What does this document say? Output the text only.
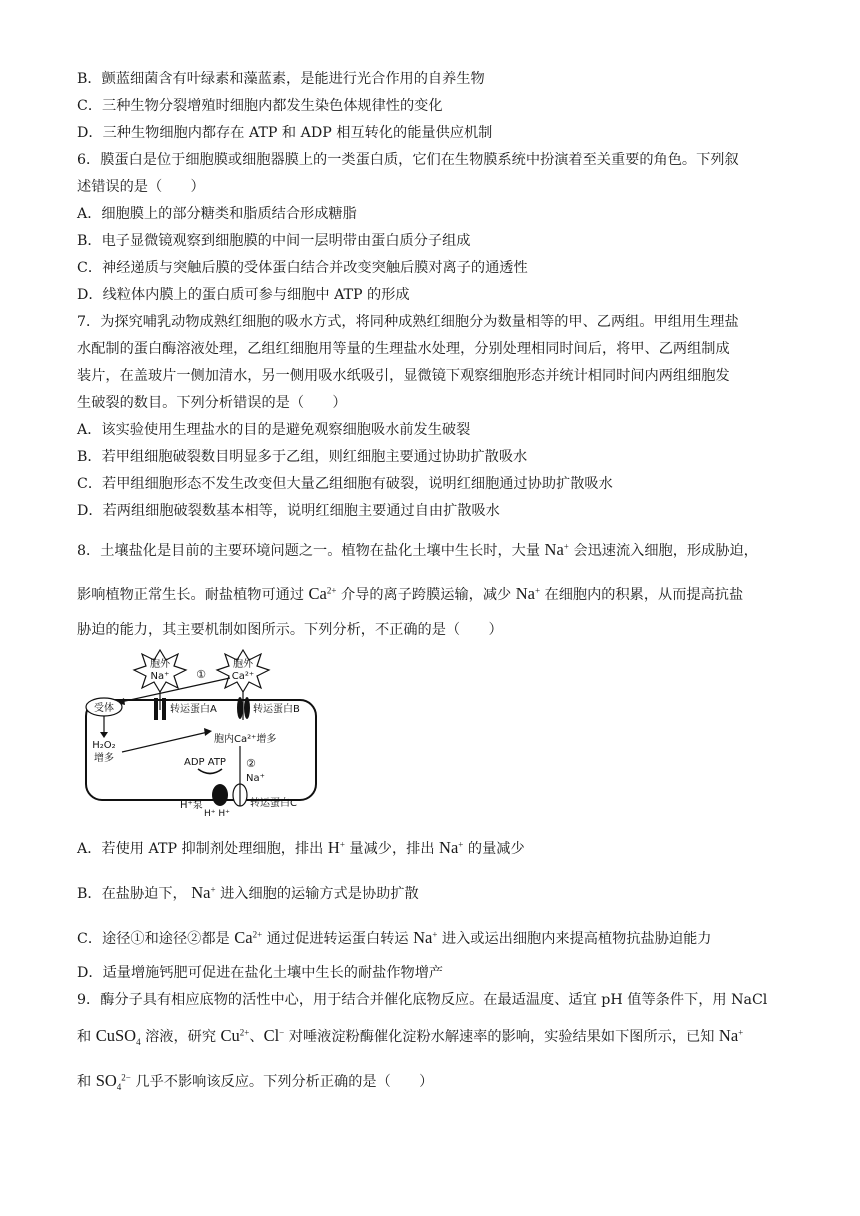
B．颤蓝细菌含有叶绿素和藻蓝素，是能进行光合作用的自养生物
C．三种生物分裂增殖时细胞内都发生染色体规律性的变化
D．三种生物细胞内都存在 ATP 和 ADP 相互转化的能量供应机制
6．膜蛋白是位于细胞膜或细胞器膜上的一类蛋白质，它们在生物膜系统中扮演着至关重要的角色。下列叙
述错误的是（　　）
A．细胞膜上的部分糖类和脂质结合形成糖脂
B．电子显微镜观察到细胞膜的中间一层明带由蛋白质分子组成
C．神经递质与突触后膜的受体蛋白结合并改变突触后膜对离子的通透性
D．线粒体内膜上的蛋白质可参与细胞中 ATP 的形成
7．为探究哺乳动物成熟红细胞的吸水方式，将同种成熟红细胞分为数量相等的甲、乙两组。甲组用生理盐
水配制的蛋白酶溶液处理，乙组红细胞用等量的生理盐水处理，分别处理相同时间后，将甲、乙两组制成
装片，在盖玻片一侧加清水，另一侧用吸水纸吸引，显微镜下观察细胞形态并统计相同时间内两组细胞发
生破裂的数目。下列分析错误的是（　　）
A．该实验使用生理盐水的目的是避免观察细胞吸水前发生破裂
B．若甲组细胞破裂数目明显多于乙组，则红细胞主要通过协助扩散吸水
C．若甲组细胞形态不发生改变但大量乙组细胞有破裂，说明红细胞通过协助扩散吸水
D．若两组细胞破裂数基本相等，说明红细胞主要通过自由扩散吸水
8．土壤盐化是目前的主要环境问题之一。植物在盐化土壤中生长时，大量 Na+ 会迅速流入细胞，形成胁迫，
影响植物正常生长。耐盐植物可通过 $Ca^{2+}$ 介导的离子跨膜运输，减少 Na+ 在细胞内的积累，从而提高抗盐
胁迫的能力，其主要机制如图所示。下列分析，不正确的是（　　）
胞外
Na⁺
胞外
Ca²⁺
①
受体	转运蛋白A	转运蛋白B
H₂O₂
增多
胞内Ca²⁺增多
②
ADP ATP
Na⁺
H⁺泵	转运蛋白C
H⁺ H⁺
A．若使用 ATP 抑制剂处理细胞，排出 H+ 量减少，排出 Na+ 的量减少
B．在盐胁迫下， Na+ 进入细胞的运输方式是协助扩散
C．途径①和途径②都是 $Ca^{2+}$ 通过促进转运蛋白转运 Na+ 进入或运出细胞内来提高植物抗盐胁迫能力
D．适量增施钙肥可促进在盐化土壤中生长的耐盐作物增产
9．酶分子具有相应底物的活性中心，用于结合并催化底物反应。在最适温度、适宜 pH 值等条件下，用 NaCl
和 CuSO$_4$ 溶液，研究 $Cu^{2+}$、Cl− 对唾液淀粉酶催化淀粉水解速率的影响，实验结果如下图所示，已知 Na+
和 $SO_4^{2-}$ 几乎不影响该反应。下列分析正确的是（　　）
